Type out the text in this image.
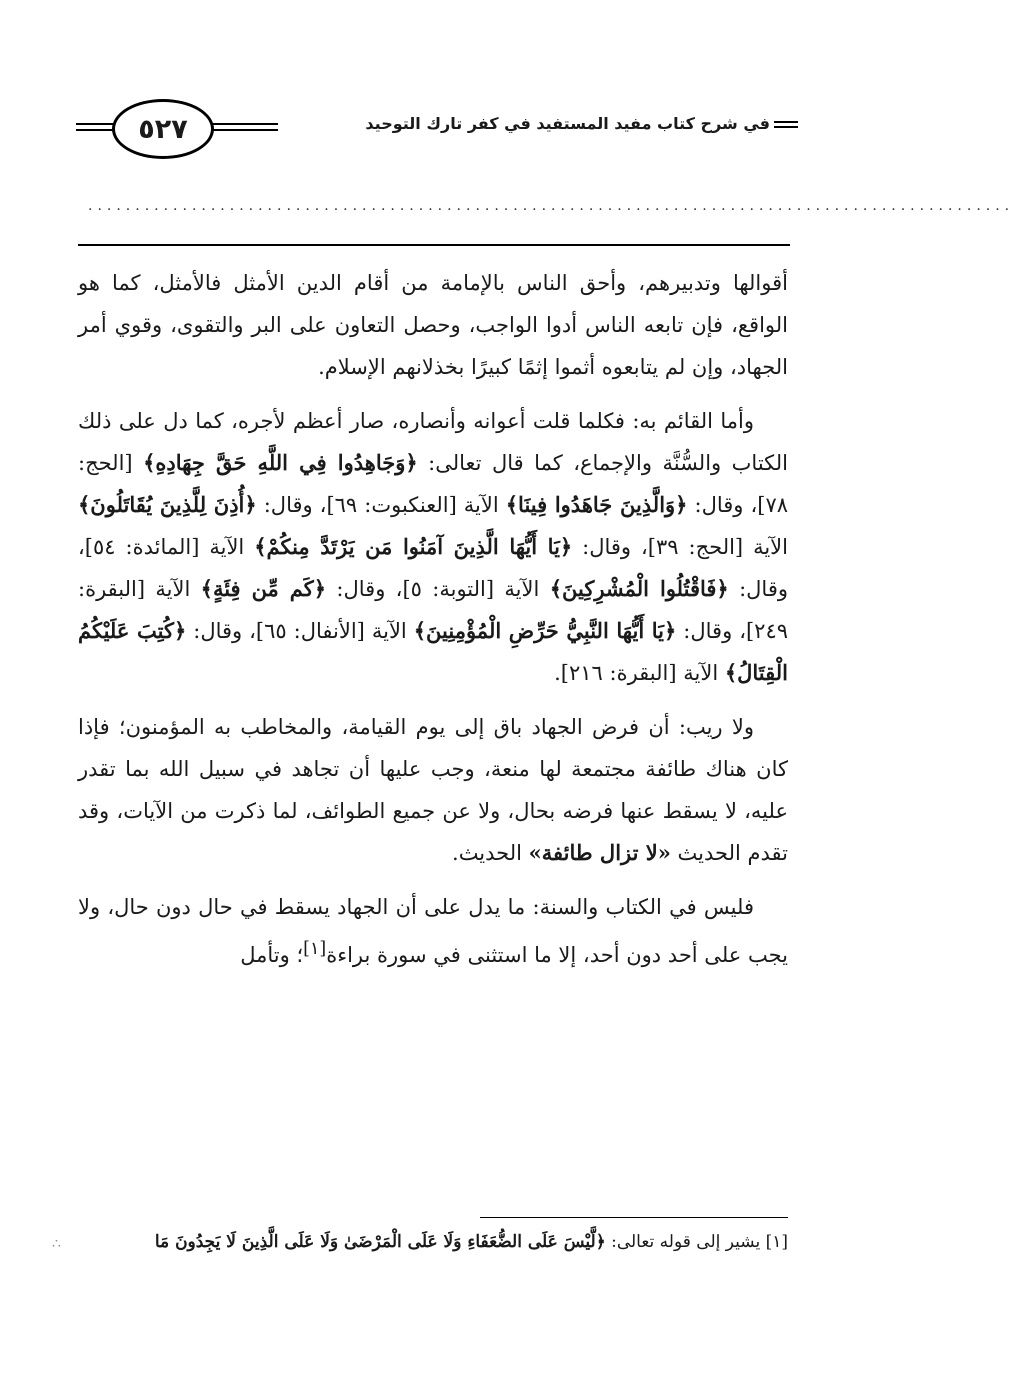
في شرح كتاب مفيد المستفيد في كفر تارك التوحيد
٥٢٧
..................................................................................................

أقوالها وتدبيرهم، وأحق الناس بالإمامة من أقام الدين الأمثل فالأمثل، كما هو الواقع، فإن تابعه الناس أدوا الواجب، وحصل التعاون على البر والتقوى، وقوي أمر الجهاد، وإن لم يتابعوه أثموا إثمًا كبيرًا بخذلانهم الإسلام.

وأما القائم به: فكلما قلت أعوانه وأنصاره، صار أعظم لأجره، كما دل على ذلك الكتاب والسُّنَّة والإجماع، كما قال تعالى: ﴿وَجَاهِدُوا فِي اللَّهِ حَقَّ جِهَادِهِ﴾ [الحج: ٧٨]، وقال: ﴿وَالَّذِينَ جَاهَدُوا فِينَا﴾ الآية [العنكبوت: ٦٩]، وقال: ﴿أُذِنَ لِلَّذِينَ يُقَاتَلُونَ﴾ الآية [الحج: ٣٩]، وقال: ﴿يَا أَيُّهَا الَّذِينَ آمَنُوا مَن يَرْتَدَّ مِنكُمْ﴾ الآية [المائدة: ٥٤]، وقال: ﴿فَاقْتُلُوا الْمُشْرِكِينَ﴾ الآية [التوبة: ٥]، وقال: ﴿كَم مِّن فِئَةٍ﴾ الآية [البقرة: ٢٤٩]، وقال: ﴿يَا أَيُّهَا النَّبِيُّ حَرِّضِ الْمُؤْمِنِينَ﴾ الآية [الأنفال: ٦٥]، وقال: ﴿كُتِبَ عَلَيْكُمُ الْقِتَالُ﴾ الآية [البقرة: ٢١٦].

ولا ريب: أن فرض الجهاد باق إلى يوم القيامة، والمخاطب به المؤمنون؛ فإذا كان هناك طائفة مجتمعة لها منعة، وجب عليها أن تجاهد في سبيل الله بما تقدر عليه، لا يسقط عنها فرضه بحال، ولا عن جميع الطوائف، لما ذكرت من الآيات، وقد تقدم الحديث «لا تزال طائفة» الحديث.

فليس في الكتاب والسنة: ما يدل على أن الجهاد يسقط في حال دون حال، ولا يجب على أحد دون أحد، إلا ما استثنى في سورة براءة[١]؛ وتأمل

[١] يشير إلى قوله تعالى: ﴿لَّيْسَ عَلَى الضُّعَفَاءِ وَلَا عَلَى الْمَرْضَىٰ وَلَا عَلَى الَّذِينَ لَا يَجِدُونَ مَا
∴
